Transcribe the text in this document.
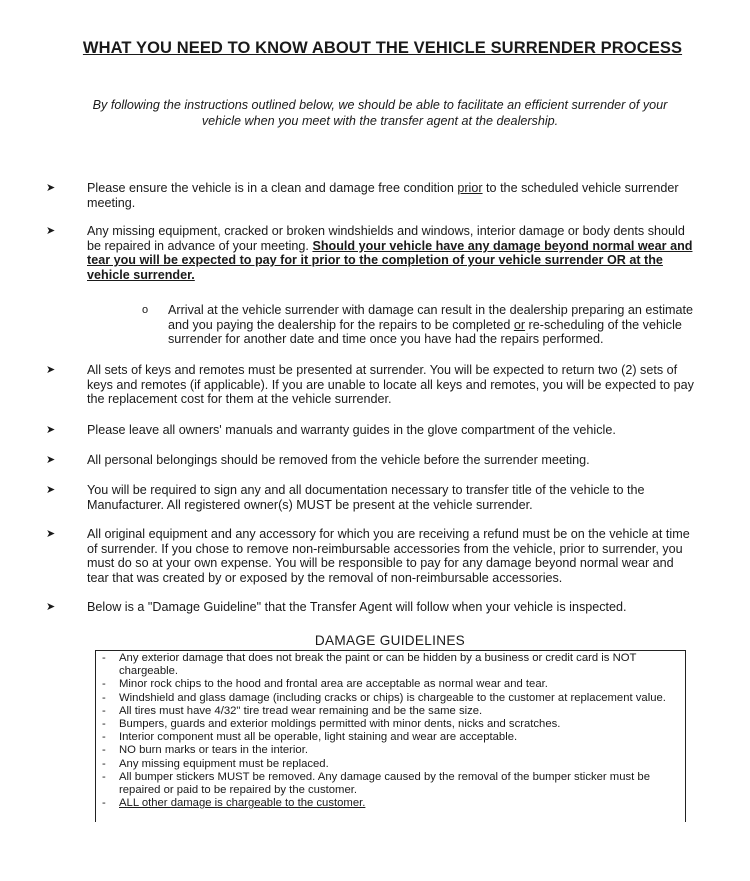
WHAT YOU NEED TO KNOW ABOUT THE VEHICLE SURRENDER PROCESS
By following the instructions outlined below, we should be able to facilitate an efficient surrender of your vehicle when you meet with the transfer agent at the dealership.
➤	Please ensure the vehicle is in a clean and damage free condition prior to the scheduled vehicle surrender meeting.
➤	Any missing equipment, cracked or broken windshields and windows, interior damage or body dents should be repaired in advance of your meeting. Should your vehicle have any damage beyond normal wear and tear you will be expected to pay for it prior to the completion of your vehicle surrender OR at the vehicle surrender.
o Arrival at the vehicle surrender with damage can result in the dealership preparing an estimate and you paying the dealership for the repairs to be completed or re-scheduling of the vehicle surrender for another date and time once you have had the repairs performed.
➤	All sets of keys and remotes must be presented at surrender. You will be expected to return two (2) sets of keys and remotes (if applicable). If you are unable to locate all keys and remotes, you will be expected to pay the replacement cost for them at the vehicle surrender.
➤	Please leave all owners' manuals and warranty guides in the glove compartment of the vehicle.
➤	All personal belongings should be removed from the vehicle before the surrender meeting.
➤	You will be required to sign any and all documentation necessary to transfer title of the vehicle to the Manufacturer. All registered owner(s) MUST be present at the vehicle surrender.
➤	All original equipment and any accessory for which you are receiving a refund must be on the vehicle at time of surrender. If you chose to remove non-reimbursable accessories from the vehicle, prior to surrender, you must do so at your own expense. You will be responsible to pay for any damage beyond normal wear and tear that was created by or exposed by the removal of non-reimbursable accessories.
➤	Below is a "Damage Guideline" that the Transfer Agent will follow when your vehicle is inspected.
DAMAGE GUIDELINES
- Any exterior damage that does not break the paint or can be hidden by a business or credit card is NOT chargeable.
- Minor rock chips to the hood and frontal area are acceptable as normal wear and tear.
- Windshield and glass damage (including cracks or chips) is chargeable to the customer at replacement value.
- All tires must have 4/32" tire tread wear remaining and be the same size.
- Bumpers, guards and exterior moldings permitted with minor dents, nicks and scratches.
- Interior component must all be operable, light staining and wear are acceptable.
- NO burn marks or tears in the interior.
- Any missing equipment must be replaced.
- All bumper stickers MUST be removed. Any damage caused by the removal of the bumper sticker must be repaired or paid to be repaired by the customer.
- ALL other damage is chargeable to the customer.
